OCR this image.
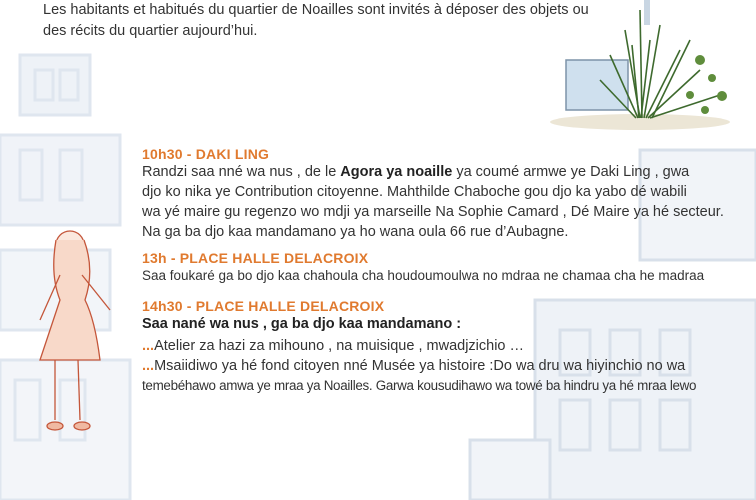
Les habitants et habitués du quartier de Noailles sont invités à déposer des objets ou
des récits du quartier aujourd’hui.
10h30 - DAKI LING
Randzi saa nné wa nus , de le Agora ya noaille ya coumé armwe ye Daki Ling , gwa
djo ko nika ye Contribution citoyenne. Mahthilde Chaboche gou djo ka yabo dé wabili
wa yé maire gu regenzo wo mdji ya marseille Na Sophie Camard , Dé Maire ya hé secteur.
Na ga ba djo kaa mandamano ya ho wana oula 66 rue d’Aubagne.
13h - PLACE HALLE DELACROIX
Saa foukaré ga bo djo kaa chahoula cha houdoumoulwa no mdraa ne chamaa cha he madraa
14h30 - PLACE HALLE DELACROIX
Saa nané wa nus , ga ba djo kaa mandamano :
...Atelier za hazi za mihouno , na muisique , mwadjzichio …
...Msaiidiwo ya hé fond citoyen nné Musée ya histoire :Do wa dru wa hiyinchio no wa
temebéhawo amwa ye mraa ya Noailles. Garwa kousudihawo wa towé ba hindru ya hé mraa lewo
